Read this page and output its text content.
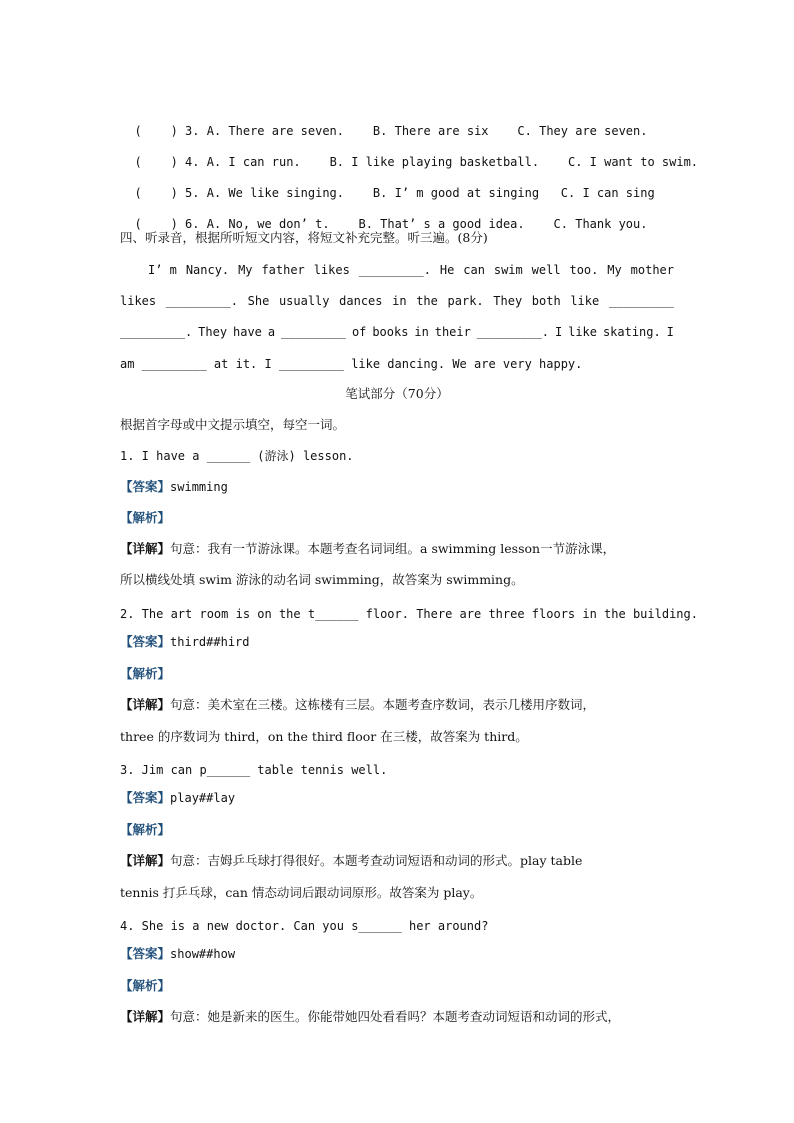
(    ) 3. A. There are seven. B. There are six C. They are seven.

(    ) 4. A. I can run. B. I like playing basketball. C. I want to swim.

(    ) 5. A. We like singing. B. I’ m good at singing C. I can sing

(    ) 6. A. No, we don’ t. B. That’ s a good idea. C. Thank you.

四、听录音，根据所听短文内容，将短文补充完整。听三遍。(8分)
I’ m Nancy. My father likes _________. He can swim well too. My mother
likes _________. She usually dances in the park. They both like _________
_________. They have a _________ of books in their _________. I like skating. I
am _________ at it. I _________ like dancing. We are very happy.
笔试部分（70分）
根据首字母或中文提示填空，每空一词。
1. I have a ______ (游泳) lesson.
【答案】swimming
【解析】
【详解】句意：我有一节游泳课。本题考查名词词组。a swimming lesson一节游泳课，
所以横线处填 swim 游泳的动名词 swimming，故答案为 swimming。
2. The art room is on the t______ floor. There are three floors in the building.
【答案】third##hird
【解析】
【详解】句意：美术室在三楼。这栋楼有三层。本题考查序数词，表示几楼用序数词，
three 的序数词为 third，on the third floor 在三楼，故答案为 third。
3. Jim can p______ table tennis well.
【答案】play##lay
【解析】
【详解】句意：吉姆乒乓球打得很好。本题考查动词短语和动词的形式。play table
tennis 打乒乓球，can 情态动词后跟动词原形。故答案为 play。
4. She is a new doctor. Can you s______ her around?
【答案】show##how
【解析】
【详解】句意：她是新来的医生。你能带她四处看看吗？本题考查动词短语和动词的形式，
